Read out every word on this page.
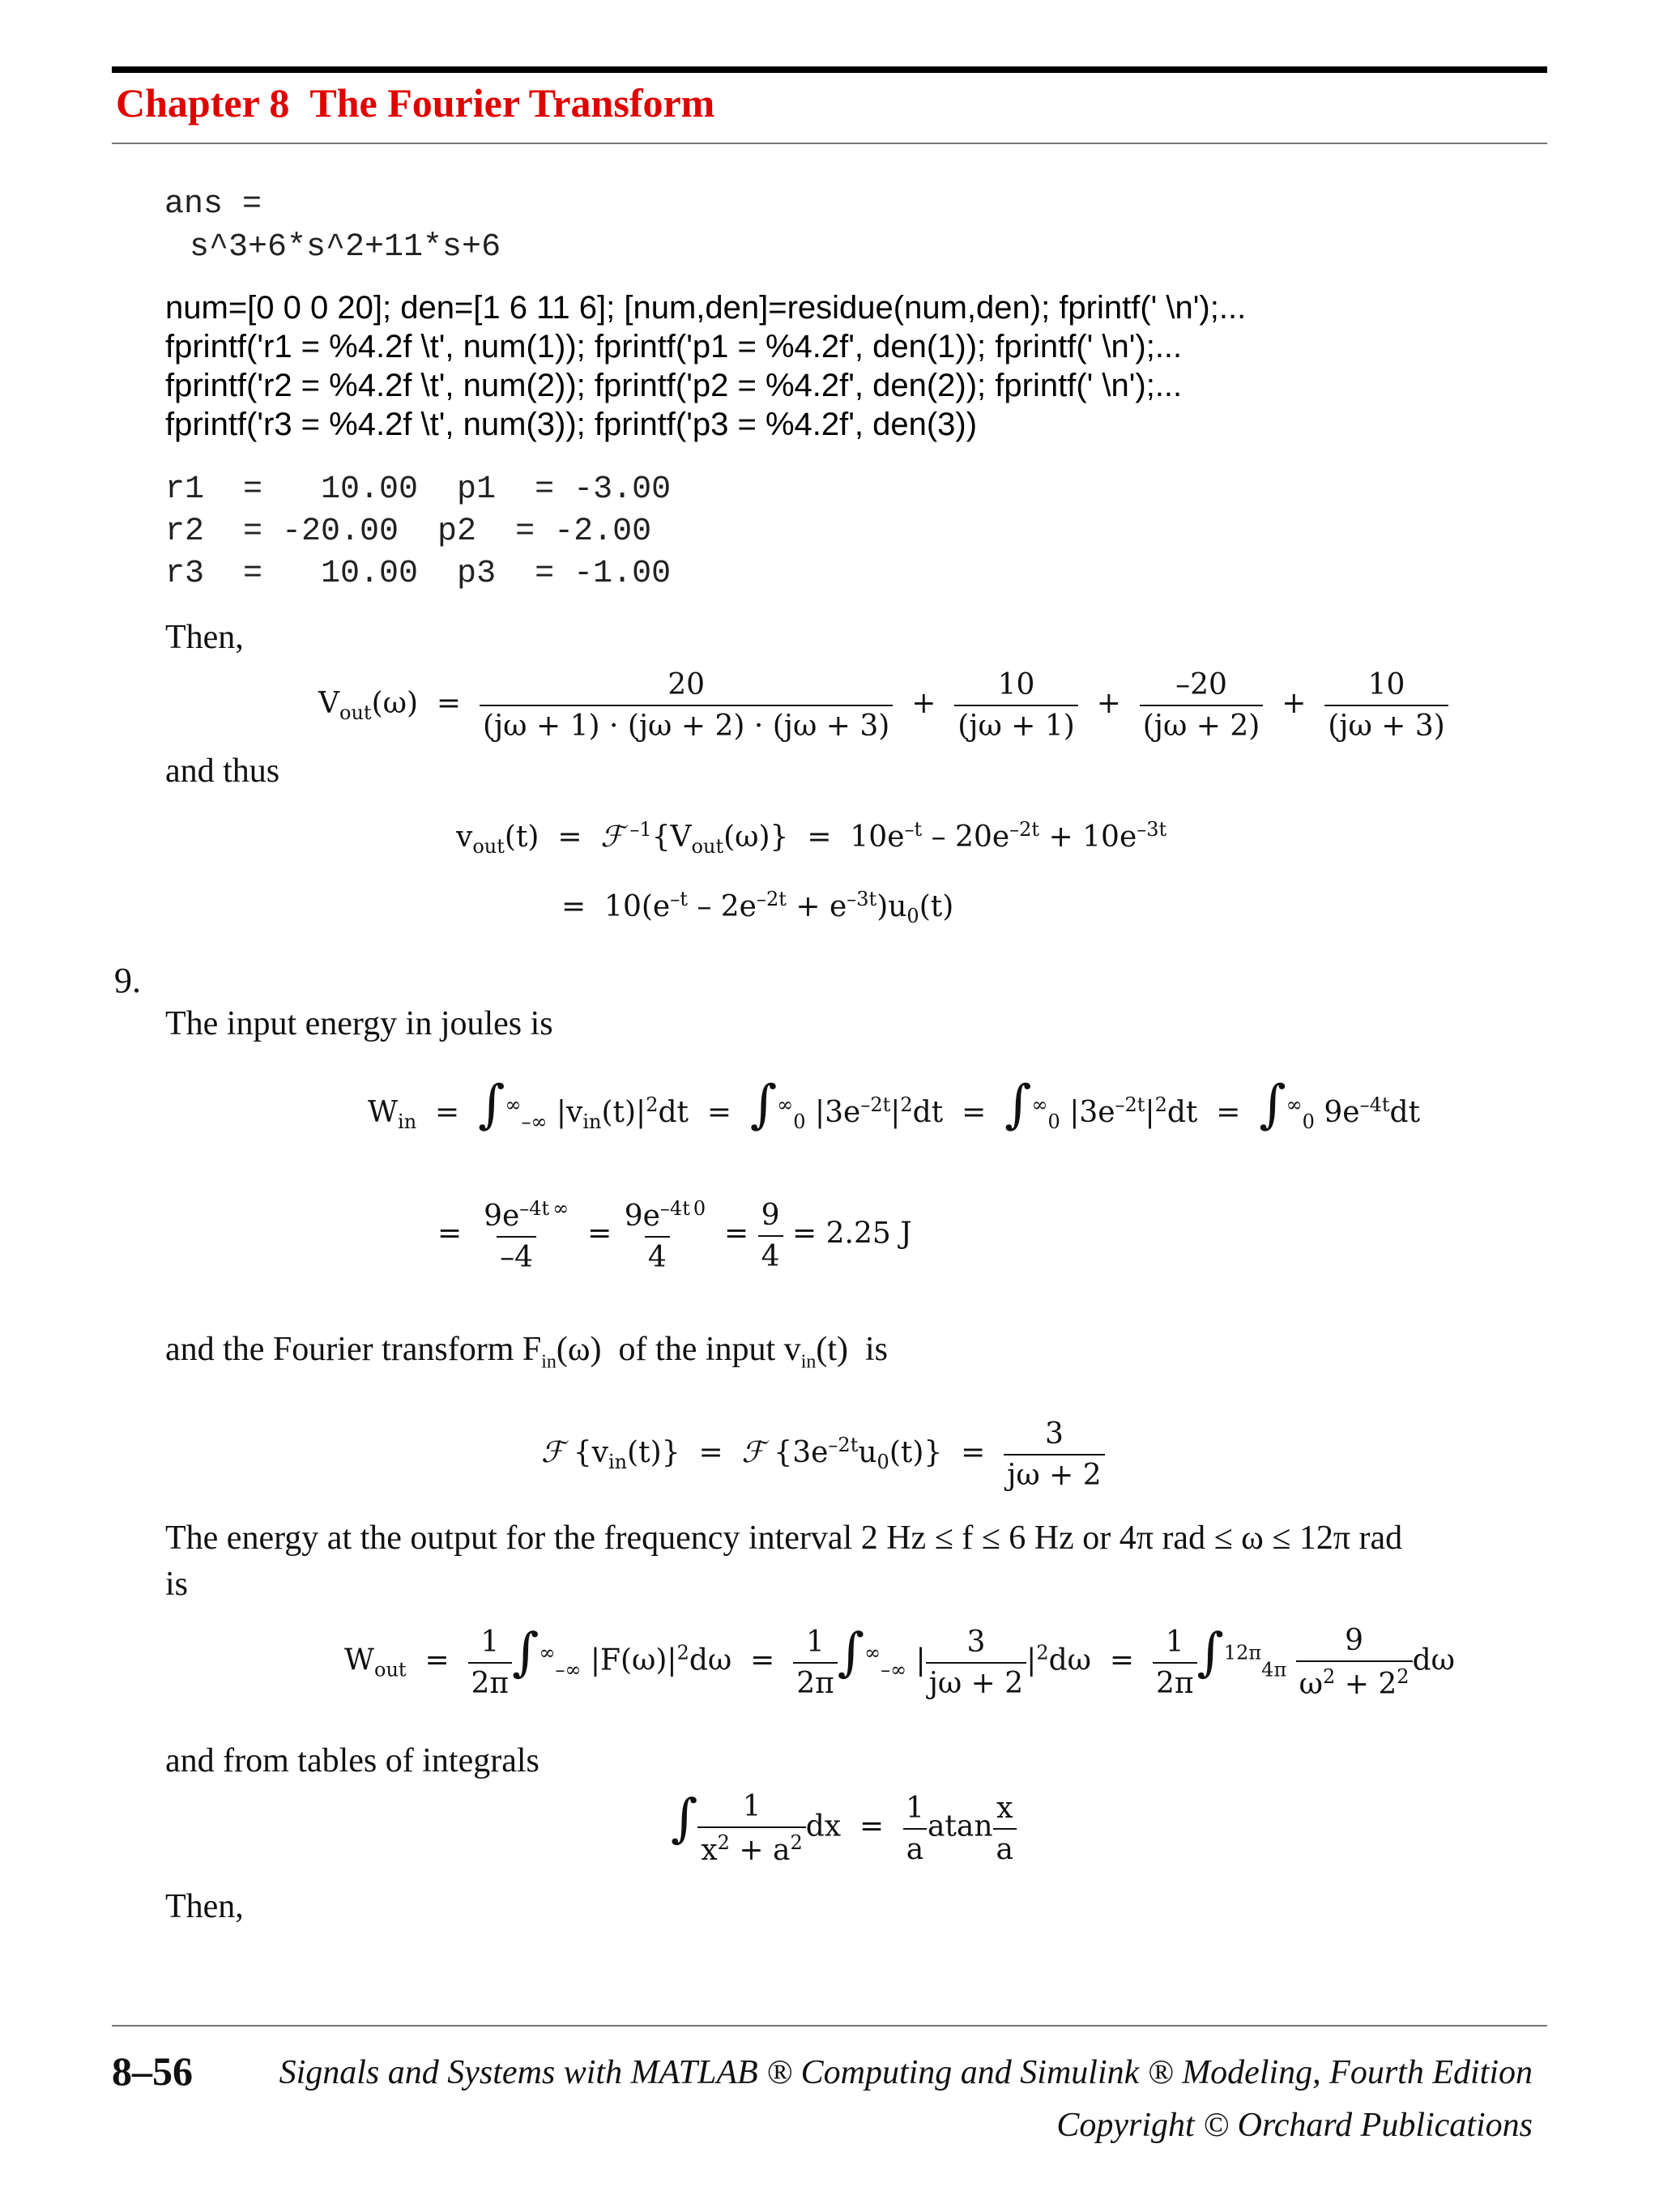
Chapter 8 The Fourier Transform
ans =
s^3+6*s^2+11*s+6
num=[0 0 0 20]; den=[1 6 11 6]; [num,den]=residue(num,den); fprintf(' \n');...
fprintf('r1 = %4.2f \t', num(1)); fprintf('p1 = %4.2f', den(1)); fprintf(' \n');...
fprintf('r2 = %4.2f \t', num(2)); fprintf('p2 = %4.2f', den(2)); fprintf(' \n');...
fprintf('r3 = %4.2f \t', num(3)); fprintf('p3 = %4.2f', den(3))
r1  =   10.00  p1  = -3.00
r2  = -20.00  p2  = -2.00
r3  =   10.00  p3  = -1.00
Then,
$V_{out}(\omega) = \frac{20}{(j\omega + 1) \cdot (j\omega + 2) \cdot (j\omega + 3)} + \frac{10}{(j\omega + 1)} + \frac{-20}{(j\omega + 2)} + \frac{10}{(j\omega + 3)}$
and thus
$v_{out}(t)$  =  ℱ $^{-1}\{V_{out}(\omega)\} = 10e^{-t} - 20e^{-2t} + 10e^{-3t}$
=  $10(e^{-t} - 2e^{-2t} + e^{-3t})u_0(t)$
9.
The input energy in joules is
$W_{in} = \int^\infty_{-\infty}$ $|v_{in}(t)|^2dt = \int^\infty_0$ $|3e^{-2t}|^2dt = \int^\infty_0$ $|3e^{-2t}|^2dt = \int^\infty_0$ $9e^{-4t}dt$
= $\frac{9e^{-4t}}{-4} ^\infty = \frac{9e^{-4t}}{4} ^0 = \frac{9}{4} = 2.25$ J
and the Fourier transform $F_{in}(\omega)$  of the input $v_{in}(t)$  is
ℱ $\{v_{in}(t)\}$  =  ℱ $\{3e^{-2t}u_0(t)\} = \frac{3}{j\omega + 2}$
The energy at the output for the frequency interval 2 Hz ≤ f ≤ 6 Hz or 4π rad ≤ ω ≤ 12π rad
is
$W_{out} = \frac{1}{2\pi} \int^\infty_{-\infty}$ $|F(\omega)|^2d\omega = \frac{1}{2\pi} \int^\infty_{-\infty}$ | $\frac{3}{j\omega + 2} |^2d\omega = \frac{1}{2\pi} \int^{12\pi}_{4\pi} \frac{9}{\omega^2 + 2^2}$ dω
and from tables of integrals
∫ $\frac{1}{x^2 + a^2}$ dx  = $\frac{1}{a}$ atan $\frac{x}{a}$
Then,
8–56	Signals and Systems with MATLAB ® Computing and Simulink ® Modeling, Fourth Edition
Copyright © Orchard Publications
